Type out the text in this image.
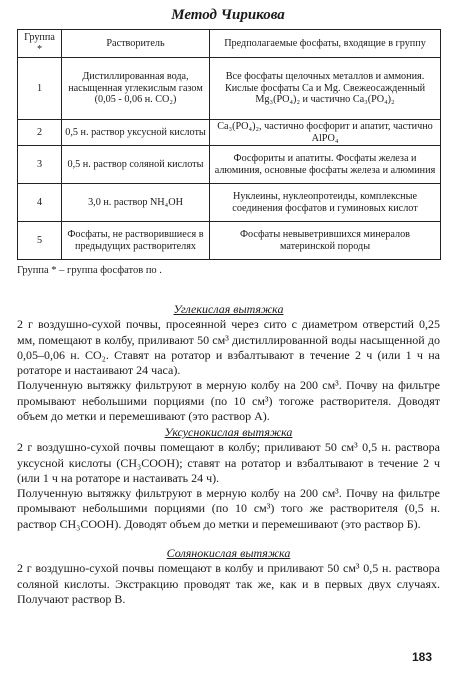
Метод Чирикова
Группа *	Растворитель	Предполагаемые фосфаты, входящие в группу
1	Дистиллированная вода, насыщенная углекислым газом (0,05 - 0,06 н. CO₂)	Все фосфаты щелочных металлов и аммония. Кислые фосфаты Ca и Mg. Свежеосажденный Mg₃(PO₄)₂ и частично Ca₃(PO₄)₂
2	0,5 н. раствор уксусной кислоты	Ca₃(PO₄)₂, частично фосфорит и апатит, частично AlPO₄
3	0,5 н. раствор соляной кислоты	Фосфориты и апатиты. Фосфаты железа и алюминия, основные фосфаты железа и алюминия
4	3,0 н. раствор NH₄OH	Нуклеины, нуклеопротеиды, комплексные соединения фосфатов и гуминовых кислот
5	Фосфаты, не растворившиеся в предыдущих растворителях	Фосфаты невыветрившихся минералов материнской породы
Группа * – группа фосфатов по .
Углекислая вытяжка

2 г воздушно-сухой почвы, просеянной через сито с диаметром отверстий 0,25 мм, помещают в колбу, приливают 50 см³ дистиллированной воды насыщенной до 0,05–0,06 н. CO₂. Ставят на ротатор и взбалтывают в течение 2 ч (или 1 ч на ротаторе и настаивают 24 часа).

Полученную вытяжку фильтруют в мерную колбу на 200 см³. Почву на фильтре промывают небольшими порциями (по 10 см³) тогоже растворителя. Доводят объем до метки и перемешивают (это раствор А).

Уксуснокислая вытяжка

2 г воздушно-сухой почвы помещают в колбу; приливают 50 см³ 0,5 н. раствора уксусной кислоты (CH₃COOH); ставят на ротатор и взбалтывают в течение 2 ч (или 1 ч на ротаторе и настаивать 24 ч).

Полученную вытяжку фильтруют в мерную колбу на 200 см³. Почву на фильтре промывают небольшими порциями (по 10 см³) того же растворителя (0,5 н. раствор CH₃COOH). Доводят объем до метки и перемешивают (это раствор Б).

Солянокислая вытяжка

2 г воздушно-сухой почвы помещают в колбу и приливают 50 см³ 0,5 н. раствора соляной кислоты. Экстракцию проводят так же, как и в первых двух случаях. Получают раствор В.

183
